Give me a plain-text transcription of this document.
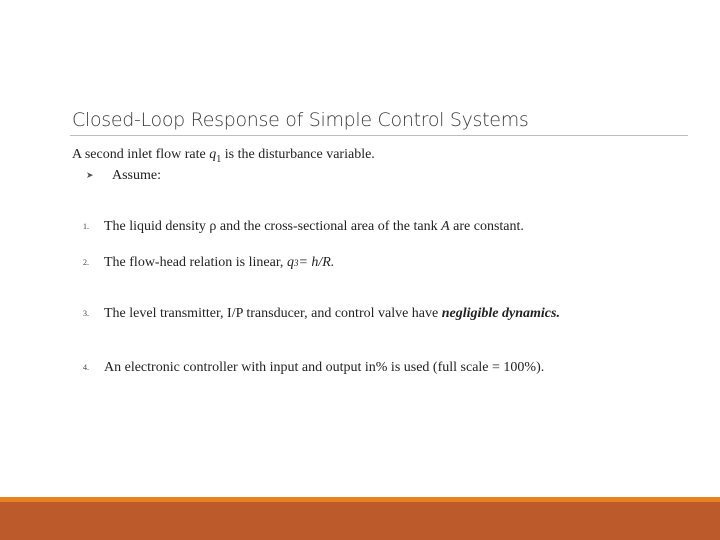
Closed-Loop Response of Simple Control Systems
A second inlet flow rate $q_1$ is the disturbance variable.
➤ Assume:
1. The liquid density ρ and the cross-sectional area of the tank A are constant.
2. The flow-head relation is linear, q3= h/R.
3. The level transmitter, I/P transducer, and control valve have negligible dynamics.
4. An electronic controller with input and output in% is used (full scale = 100%).
